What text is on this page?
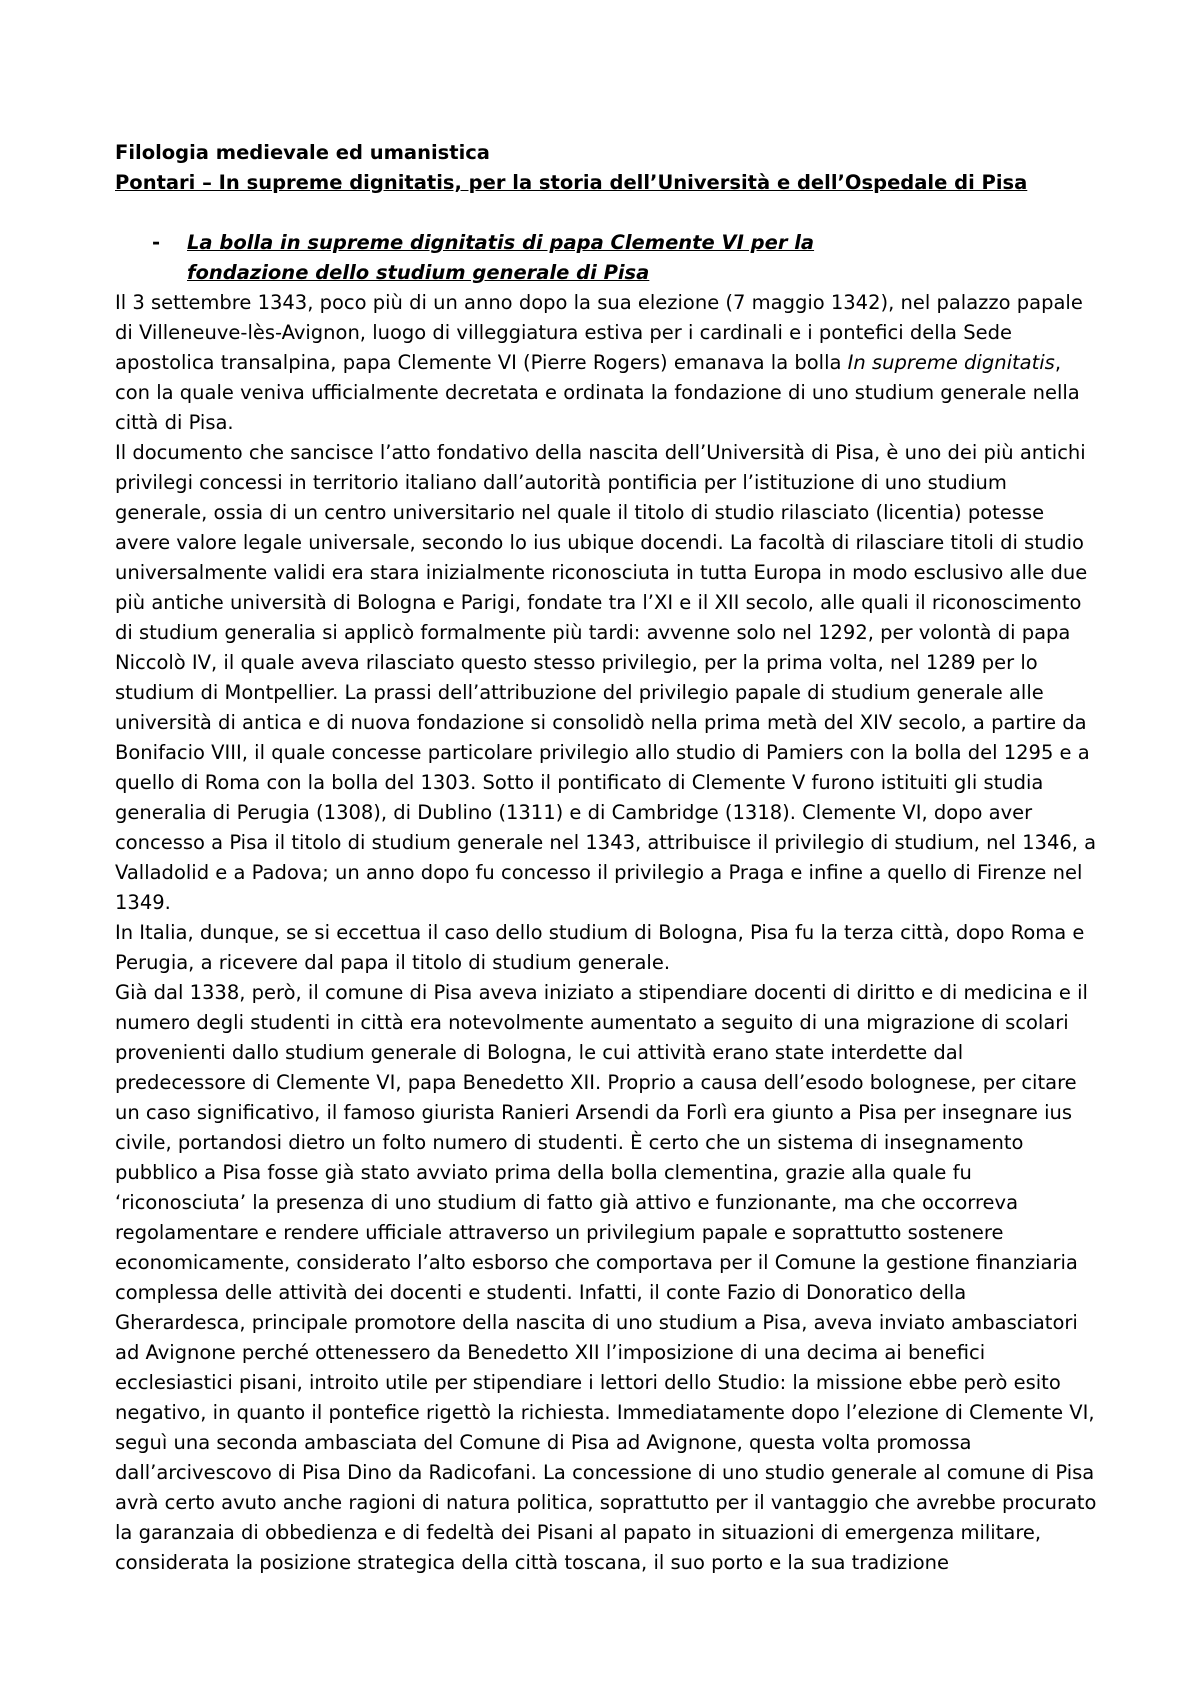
Filologia medievale ed umanistica
Pontari – In supreme dignitatis, per la storia dell’Università e dell’Ospedale di Pisa
-	La bolla in supreme dignitatis di papa Clemente VI per la fondazione dello studium generale di Pisa

Il 3 settembre 1343, poco più di un anno dopo la sua elezione (7 maggio 1342), nel palazzo papale di Villeneuve-lès-Avignon, luogo di villeggiatura estiva per i cardinali e i pontefici della Sede apostolica transalpina, papa Clemente VI (Pierre Rogers) emanava la bolla In supreme dignitatis, con la quale veniva ufficialmente decretata e ordinata la fondazione di uno studium generale nella città di Pisa.

Il documento che sancisce l’atto fondativo della nascita dell’Università di Pisa, è uno dei più antichi privilegi concessi in territorio italiano dall’autorità pontificia per l’istituzione di uno studium generale, ossia di un centro universitario nel quale il titolo di studio rilasciato (licentia) potesse avere valore legale universale, secondo lo ius ubique docendi. La facoltà di rilasciare titoli di studio universalmente validi era stara inizialmente riconosciuta in tutta Europa in modo esclusivo alle due più antiche università di Bologna e Parigi, fondate tra l’XI e il XII secolo, alle quali il riconoscimento di studium generalia si applicò formalmente più tardi: avvenne solo nel 1292, per volontà di papa Niccolò IV, il quale aveva rilasciato questo stesso privilegio, per la prima volta, nel 1289 per lo studium di Montpellier. La prassi dell’attribuzione del privilegio papale di studium generale alle università di antica e di nuova fondazione si consolidò nella prima metà del XIV secolo, a partire da Bonifacio VIII, il quale concesse particolare privilegio allo studio di Pamiers con la bolla del 1295 e a quello di Roma con la bolla del 1303. Sotto il pontificato di Clemente V furono istituiti gli studia generalia di Perugia (1308), di Dublino (1311) e di Cambridge (1318). Clemente VI, dopo aver concesso a Pisa il titolo di studium generale nel 1343, attribuisce il privilegio di studium, nel 1346, a Valladolid e a Padova; un anno dopo fu concesso il privilegio a Praga e infine a quello di Firenze nel 1349.

In Italia, dunque, se si eccettua il caso dello studium di Bologna, Pisa fu la terza città, dopo Roma e Perugia, a ricevere dal papa il titolo di studium generale.

Già dal 1338, però, il comune di Pisa aveva iniziato a stipendiare docenti di diritto e di medicina e il numero degli studenti in città era notevolmente aumentato a seguito di una migrazione di scolari provenienti dallo studium generale di Bologna, le cui attività erano state interdette dal predecessore di Clemente VI, papa Benedetto XII. Proprio a causa dell’esodo bolognese, per citare un caso significativo, il famoso giurista Ranieri Arsendi da Forlì era giunto a Pisa per insegnare ius civile, portandosi dietro un folto numero di studenti. È certo che un sistema di insegnamento pubblico a Pisa fosse già stato avviato prima della bolla clementina, grazie alla quale fu ‘riconosciuta’ la presenza di uno studium di fatto già attivo e funzionante, ma che occorreva regolamentare e rendere ufficiale attraverso un privilegium papale e soprattutto sostenere economicamente, considerato l’alto esborso che comportava per il Comune la gestione finanziaria complessa delle attività dei docenti e studenti. Infatti, il conte Fazio di Donoratico della Gherardesca, principale promotore della nascita di uno studium a Pisa, aveva inviato ambasciatori ad Avignone perché ottenessero da Benedetto XII l’imposizione di una decima ai benefici ecclesiastici pisani, introito utile per stipendiare i lettori dello Studio: la missione ebbe però esito negativo, in quanto il pontefice rigettò la richiesta. Immediatamente dopo l’elezione di Clemente VI, seguì una seconda ambasciata del Comune di Pisa ad Avignone, questa volta promossa dall’arcivescovo di Pisa Dino da Radicofani. La concessione di uno studio generale al comune di Pisa avrà certo avuto anche ragioni di natura politica, soprattutto per il vantaggio che avrebbe procurato la garanzaia di obbedienza e di fedeltà dei Pisani al papato in situazioni di emergenza militare, considerata la posizione strategica della città toscana, il suo porto e la sua tradizione
